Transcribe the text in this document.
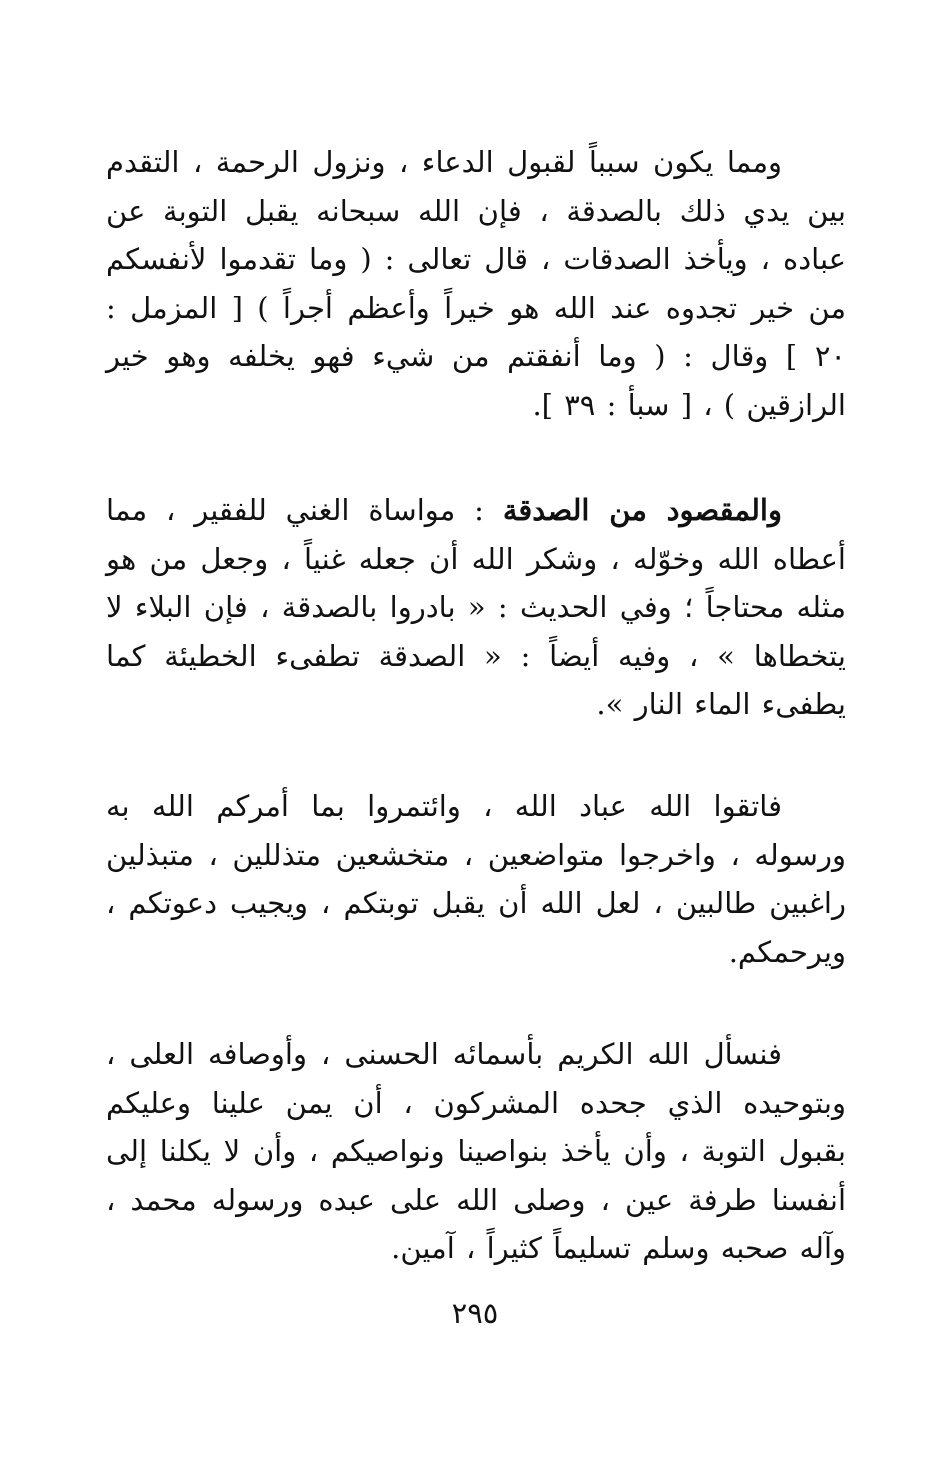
ومما يكون سبباً لقبول الدعاء ، ونزول الرحمة ، التقدم بين يدي ذلك بالصدقة ، فإن الله سبحانه يقبل التوبة عن عباده ، ويأخذ الصدقات ، قال تعالى : ( وما تقدموا لأنفسكم من خير تجدوه عند الله هو خيراً وأعظم أجراً ) [ المزمل : ٢٠ ] وقال : ( وما أنفقتم من شيء فهو يخلفه وهو خير الرازقين ) ، [ سبأ : ٣٩ ].
والمقصود من الصدقة : مواساة الغني للفقير ، مما أعطاه الله وخوّله ، وشكر الله أن جعله غنياً ، وجعل من هو مثله محتاجاً ؛ وفي الحديث : « بادروا بالصدقة ، فإن البلاء لا يتخطاها » ، وفيه أيضاً : « الصدقة تطفىء الخطيئة كما يطفىء الماء النار ».
فاتقوا الله عباد الله ، وائتمروا بما أمركم الله به ورسوله ، واخرجوا متواضعين ، متخشعين متذللين ، متبذلين راغبين طالبين ، لعل الله أن يقبل توبتكم ، ويجيب دعوتكم ، ويرحمكم.
فنسأل الله الكريم بأسمائه الحسنى ، وأوصافه العلى ، وبتوحيده الذي جحده المشركون ، أن يمن علينا وعليكم بقبول التوبة ، وأن يأخذ بنواصينا ونواصيكم ، وأن لا يكلنا إلى أنفسنا طرفة عين ، وصلى الله على عبده ورسوله محمد ، وآله صحبه وسلم تسليماً كثيراً ، آمين.
٢٩٥
